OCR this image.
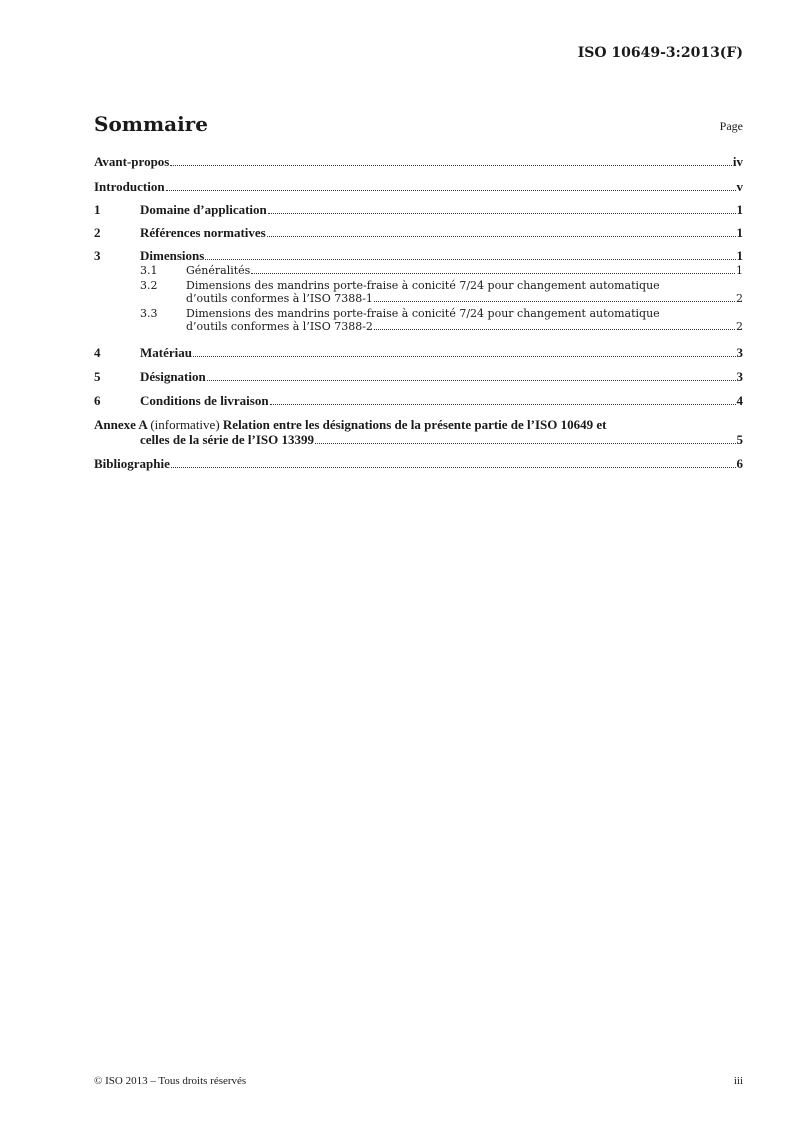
ISO 10649-3:2013(F)
Sommaire	Page
Avant-propos	iv
Introduction	v
1	Domaine d’application	1
2	Références normatives	1
3	Dimensions	1
3.1	Généralités	1
3.2	Dimensions des mandrins porte-fraise à conicité 7/24 pour changement automatique
d’outils conformes à l’ISO 7388-1	2
3.3	Dimensions des mandrins porte-fraise à conicité 7/24 pour changement automatique
d’outils conformes à l’ISO 7388-2	2
4	Matériau	3
5	Désignation	3
6	Conditions de livraison	4
Annexe A (informative) Relation entre les désignations de la présente partie de l’ISO 10649 et
celles de la série de l’ISO 13399	5
Bibliographie	6
© ISO 2013 – Tous droits réservés	iii
